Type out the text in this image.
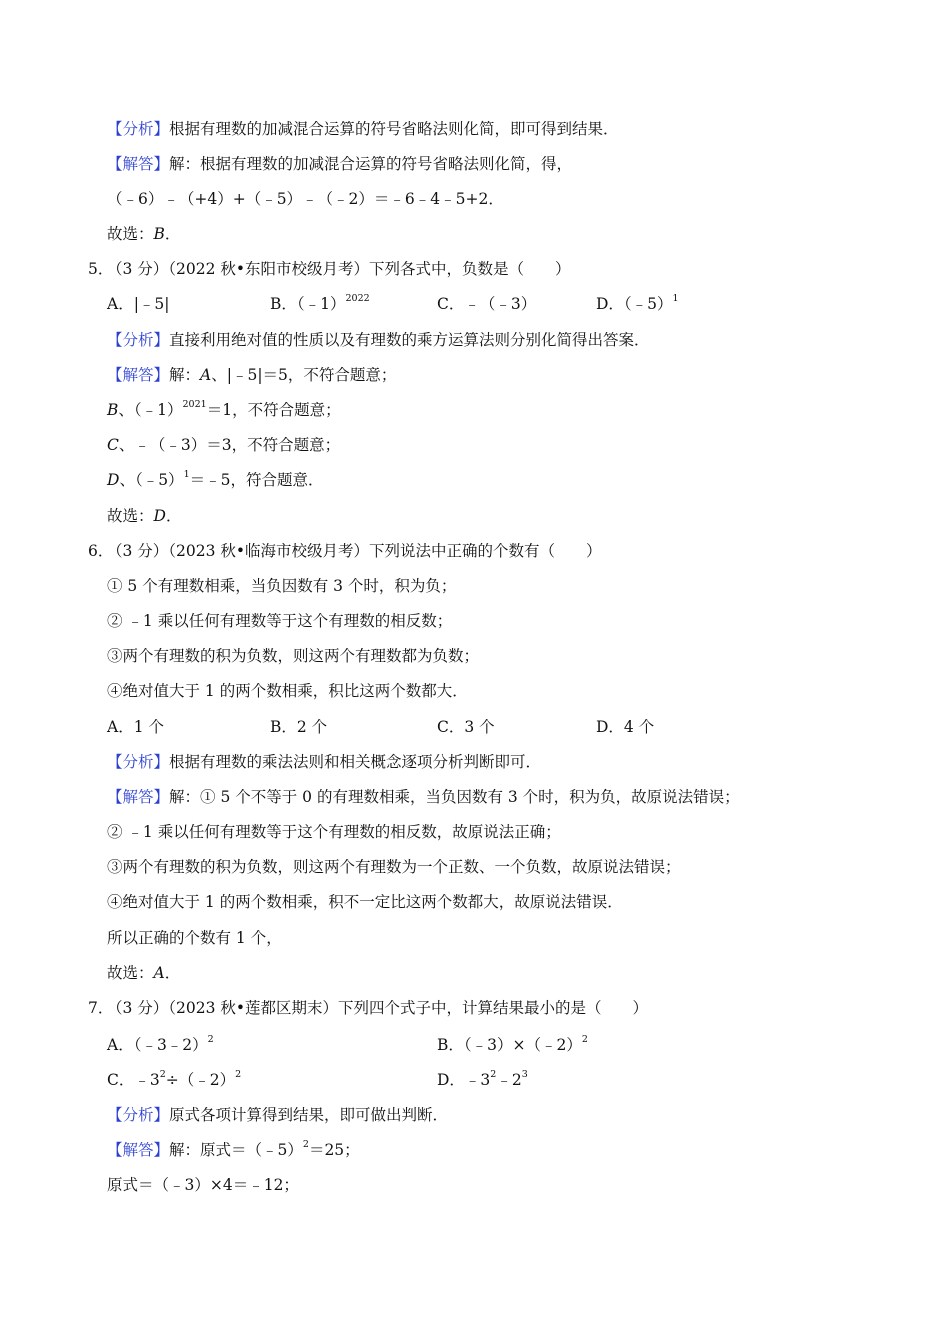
【分析】根据有理数的加减混合运算的符号省略法则化简，即可得到结果．
【解答】解：根据有理数的加减混合运算的符号省略法则化简，得，
（﹣6）﹣（+4）+（﹣5）﹣（﹣2）＝﹣6﹣4﹣5+2．
故选：B．
5．
（3 分）（2022 秋•东阳市校级月考）下列各式中，负数是（　　）
A．|﹣5|	B．（﹣1）$^{2022}$	C．﹣（﹣3）	D．（﹣5）$^1$
【分析】直接利用绝对值的性质以及有理数的乘方运算法则分别化简得出答案．
【解答】解：A、|﹣5|＝5，不符合题意；
B、（﹣1）$^{2021}$＝1，不符合题意；
C、﹣（﹣3）＝3，不符合题意；
D、（﹣5）$^1$＝﹣5，符合题意．
故选：D．
6．
（3 分）（2023 秋•临海市校级月考）下列说法中正确的个数有（　　）
① 5 个有理数相乘，当负因数有 3 个时，积为负；
② ﹣1 乘以任何有理数等于这个有理数的相反数；
③两个有理数的积为负数，则这两个有理数都为负数；
④绝对值大于 1 的两个数相乘，积比这两个数都大．
A．1 个	B．2 个	C．3 个	D．4 个
【分析】根据有理数的乘法法则和相关概念逐项分析判断即可．
【解答】解：① 5 个不等于 0 的有理数相乘，当负因数有 3 个时，积为负，故原说法错误；
② ﹣1 乘以任何有理数等于这个有理数的相反数，故原说法正确；
③两个有理数的积为负数，则这两个有理数为一个正数、一个负数，故原说法错误；
④绝对值大于 1 的两个数相乘，积不一定比这两个数都大，故原说法错误．
所以正确的个数有 1 个，
故选：A．
7．
（3 分）（2023 秋•莲都区期末）下列四个式子中，计算结果最小的是（　　）
A．（﹣3﹣2）$^2$	B．（﹣3）×（﹣2）$^2$
C．$﹣3^2\div(﹣2)^2$	D．$﹣3^2﹣2^3$
【分析】原式各项计算得到结果，即可做出判断．
【解答】解：原式＝（﹣5）$^2$＝25；
原式＝（﹣3）×4＝﹣12；
